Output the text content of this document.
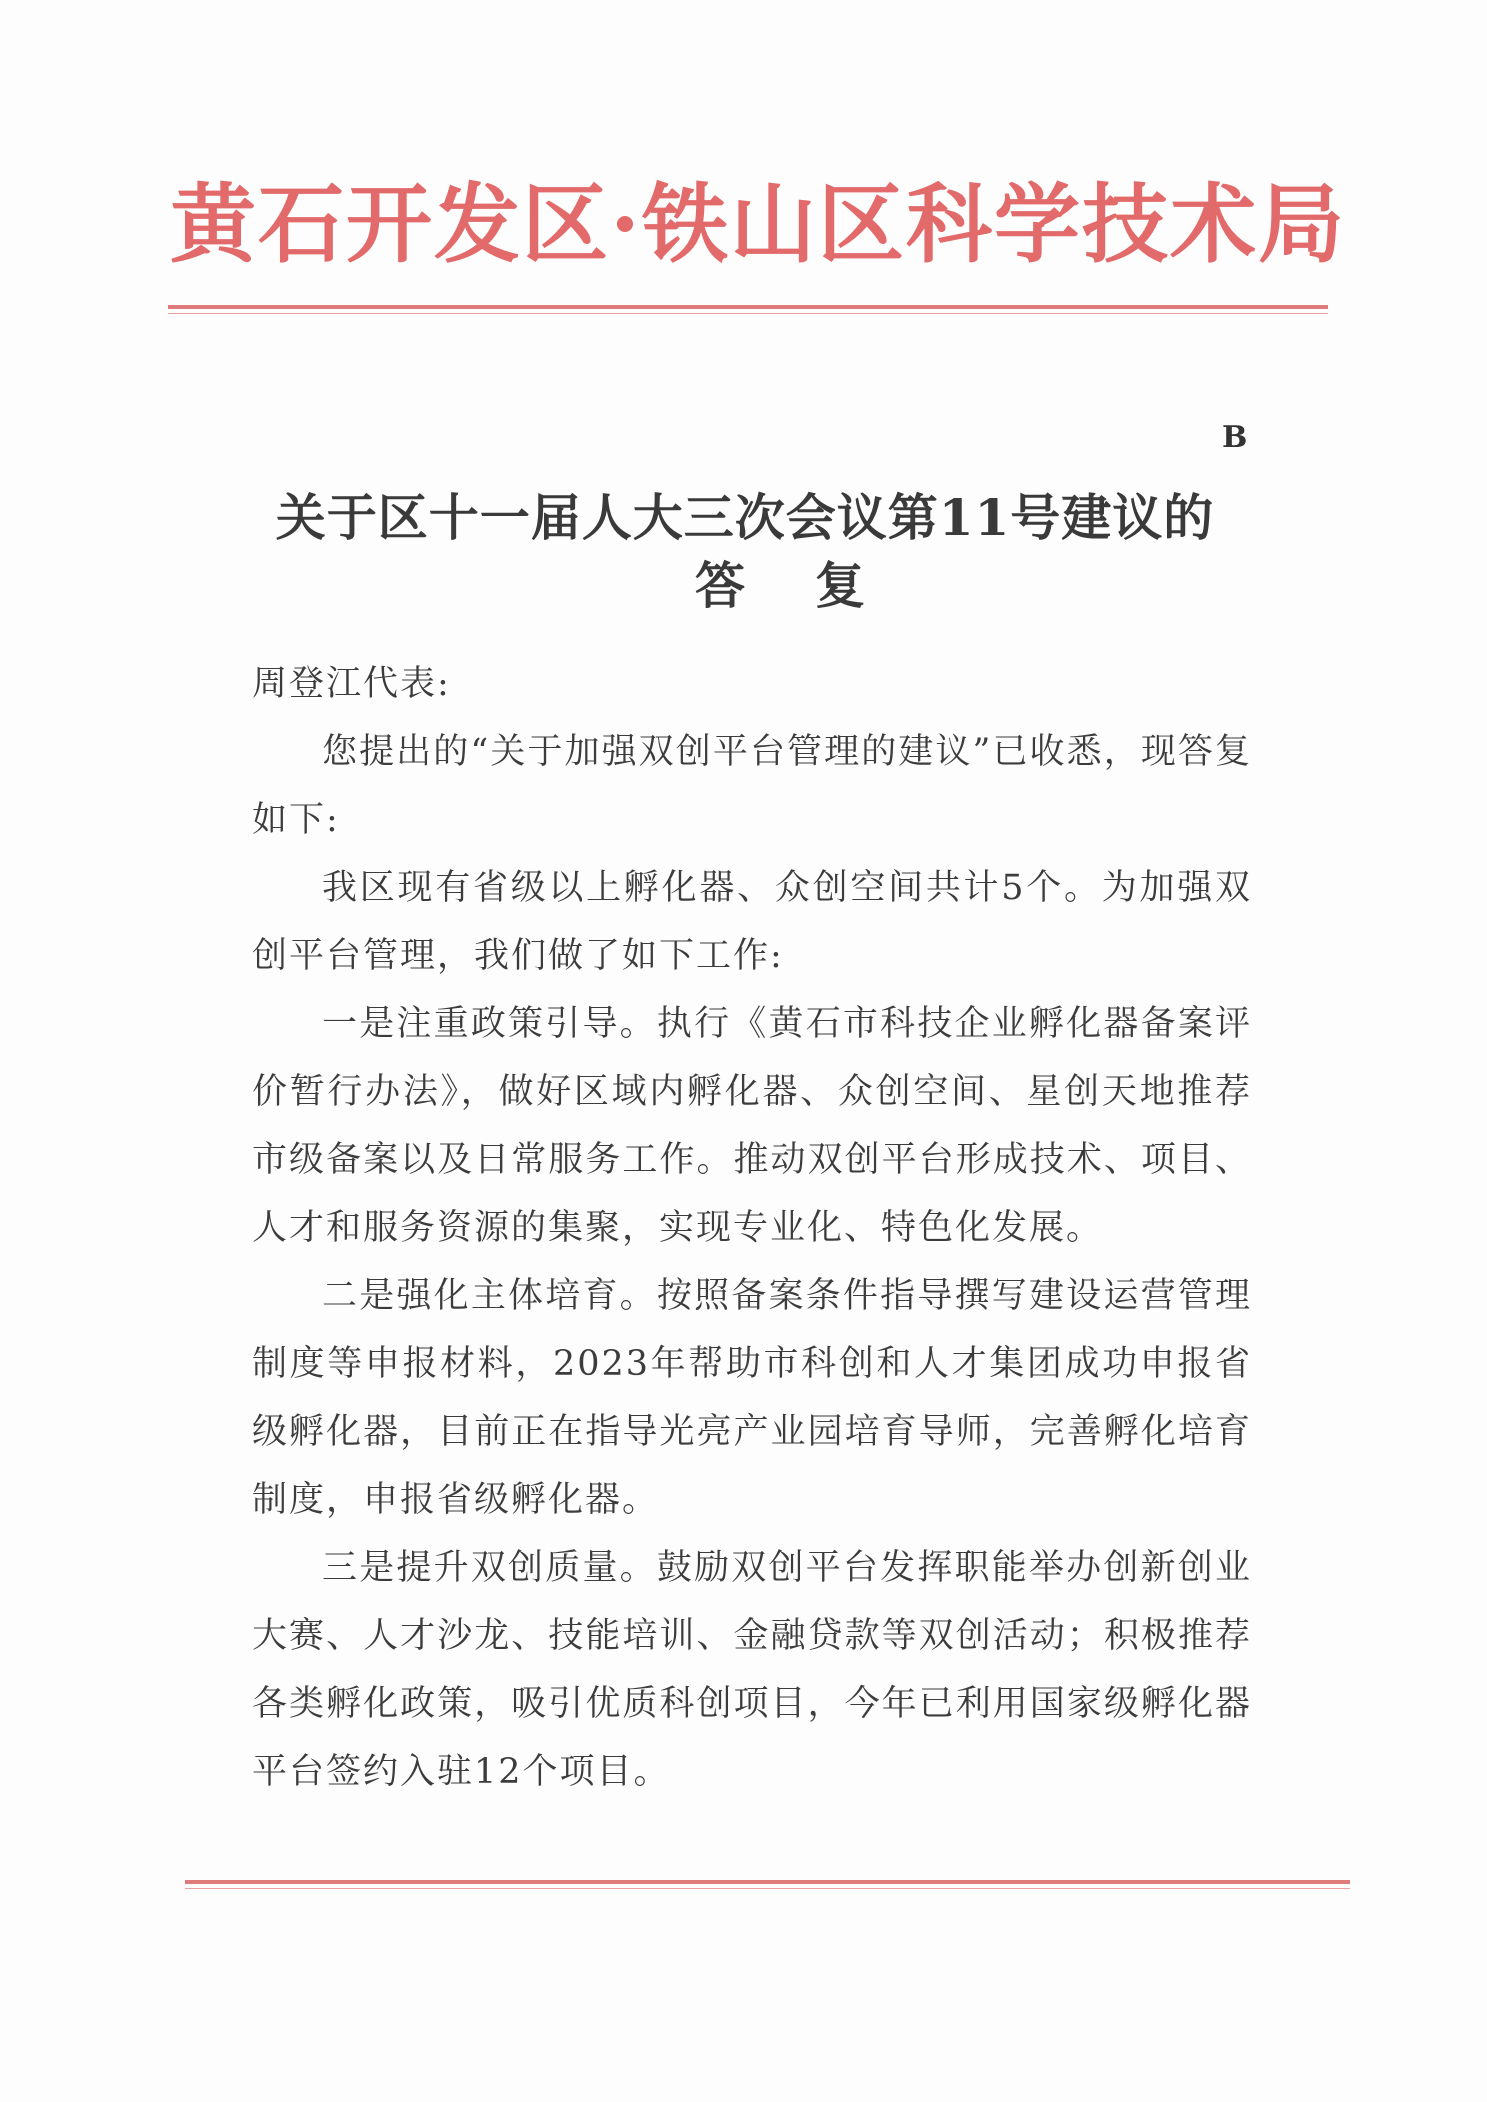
黄石开发区·铁山区科学技术局
B
关于区十一届人大三次会议第11号建议的
答复

周登江代表:

您提出的“关于加强双创平台管理的建议”已收悉，现答复如下:

我区现有省级以上孵化器、众创空间共计5个。为加强双创平台管理，我们做了如下工作:

一是注重政策引导。执行《黄石市科技企业孵化器备案评价暂行办法》，做好区域内孵化器、众创空间、星创天地推荐市级备案以及日常服务工作。推动双创平台形成技术、项目、人才和服务资源的集聚，实现专业化、特色化发展。

二是强化主体培育。按照备案条件指导撰写建设运营管理制度等申报材料，2023年帮助市科创和人才集团成功申报省级孵化器，目前正在指导光亮产业园培育导师，完善孵化培育制度，申报省级孵化器。

三是提升双创质量。鼓励双创平台发挥职能举办创新创业大赛、人才沙龙、技能培训、金融贷款等双创活动；积极推荐各类孵化政策，吸引优质科创项目，今年已利用国家级孵化器平台签约入驻12个项目。
